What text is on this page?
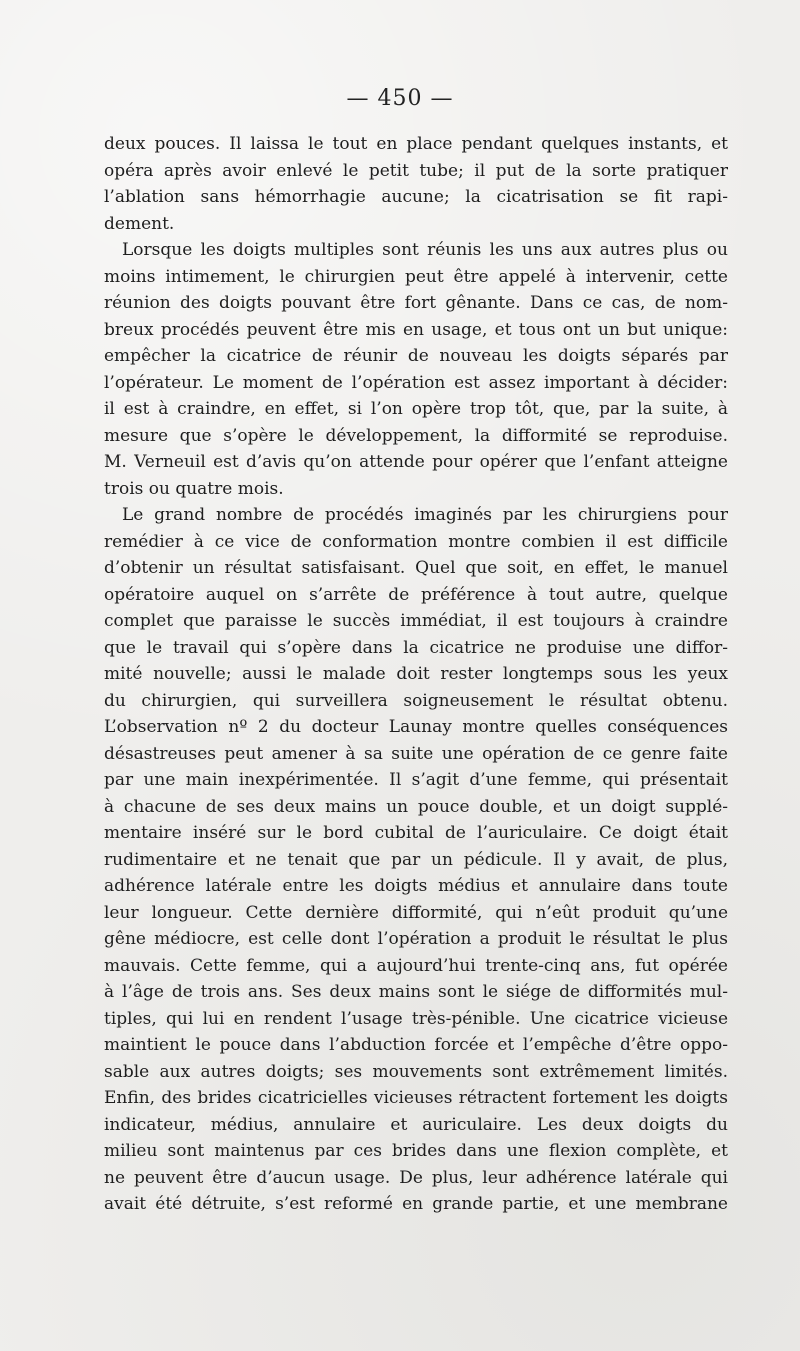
— 450 —
deux pouces. Il laissa le tout en place pendant quelques instants, et
opéra après avoir enlevé le petit tube; il put de la sorte pratiquer
l’ablation sans hémorrhagie aucune; la cicatrisation se fit rapi-
dement.
Lorsque les doigts multiples sont réunis les uns aux autres plus ou
moins intimement, le chirurgien peut être appelé à intervenir, cette
réunion des doigts pouvant être fort gênante. Dans ce cas, de nom-
breux procédés peuvent être mis en usage, et tous ont un but unique:
empêcher la cicatrice de réunir de nouveau les doigts séparés par
l’opérateur. Le moment de l’opération est assez important à décider:
il est à craindre, en effet, si l’on opère trop tôt, que, par la suite, à
mesure que s’opère le développement, la difformité se reproduise.
M. Verneuil est d’avis qu’on attende pour opérer que l’enfant atteigne
trois ou quatre mois.
Le grand nombre de procédés imaginés par les chirurgiens pour
remédier à ce vice de conformation montre combien il est difficile
d’obtenir un résultat satisfaisant. Quel que soit, en effet, le manuel
opératoire auquel on s’arrête de préférence à tout autre, quelque
complet que paraisse le succès immédiat, il est toujours à craindre
que le travail qui s’opère dans la cicatrice ne produise une diffor-
mité nouvelle; aussi le malade doit rester longtemps sous les yeux
du chirurgien, qui surveillera soigneusement le résultat obtenu.
L’observation nº 2 du docteur Launay montre quelles conséquences
désastreuses peut amener à sa suite une opération de ce genre faite
par une main inexpérimentée. Il s’agit d’une femme, qui présentait
à chacune de ses deux mains un pouce double, et un doigt supplé-
mentaire inséré sur le bord cubital de l’auriculaire. Ce doigt était
rudimentaire et ne tenait que par un pédicule. Il y avait, de plus,
adhérence latérale entre les doigts médius et annulaire dans toute
leur longueur. Cette dernière difformité, qui n’eût produit qu’une
gêne médiocre, est celle dont l’opération a produit le résultat le plus
mauvais. Cette femme, qui a aujourd’hui trente-cinq ans, fut opérée
à l’âge de trois ans. Ses deux mains sont le siége de difformités mul-
tiples, qui lui en rendent l’usage très-pénible. Une cicatrice vicieuse
maintient le pouce dans l’abduction forcée et l’empêche d’être oppo-
sable aux autres doigts; ses mouvements sont extrêmement limités.
Enfin, des brides cicatricielles vicieuses rétractent fortement les doigts
indicateur, médius, annulaire et auriculaire. Les deux doigts du
milieu sont maintenus par ces brides dans une flexion complète, et
ne peuvent être d’aucun usage. De plus, leur adhérence latérale qui
avait été détruite, s’est reformé en grande partie, et une membrane
